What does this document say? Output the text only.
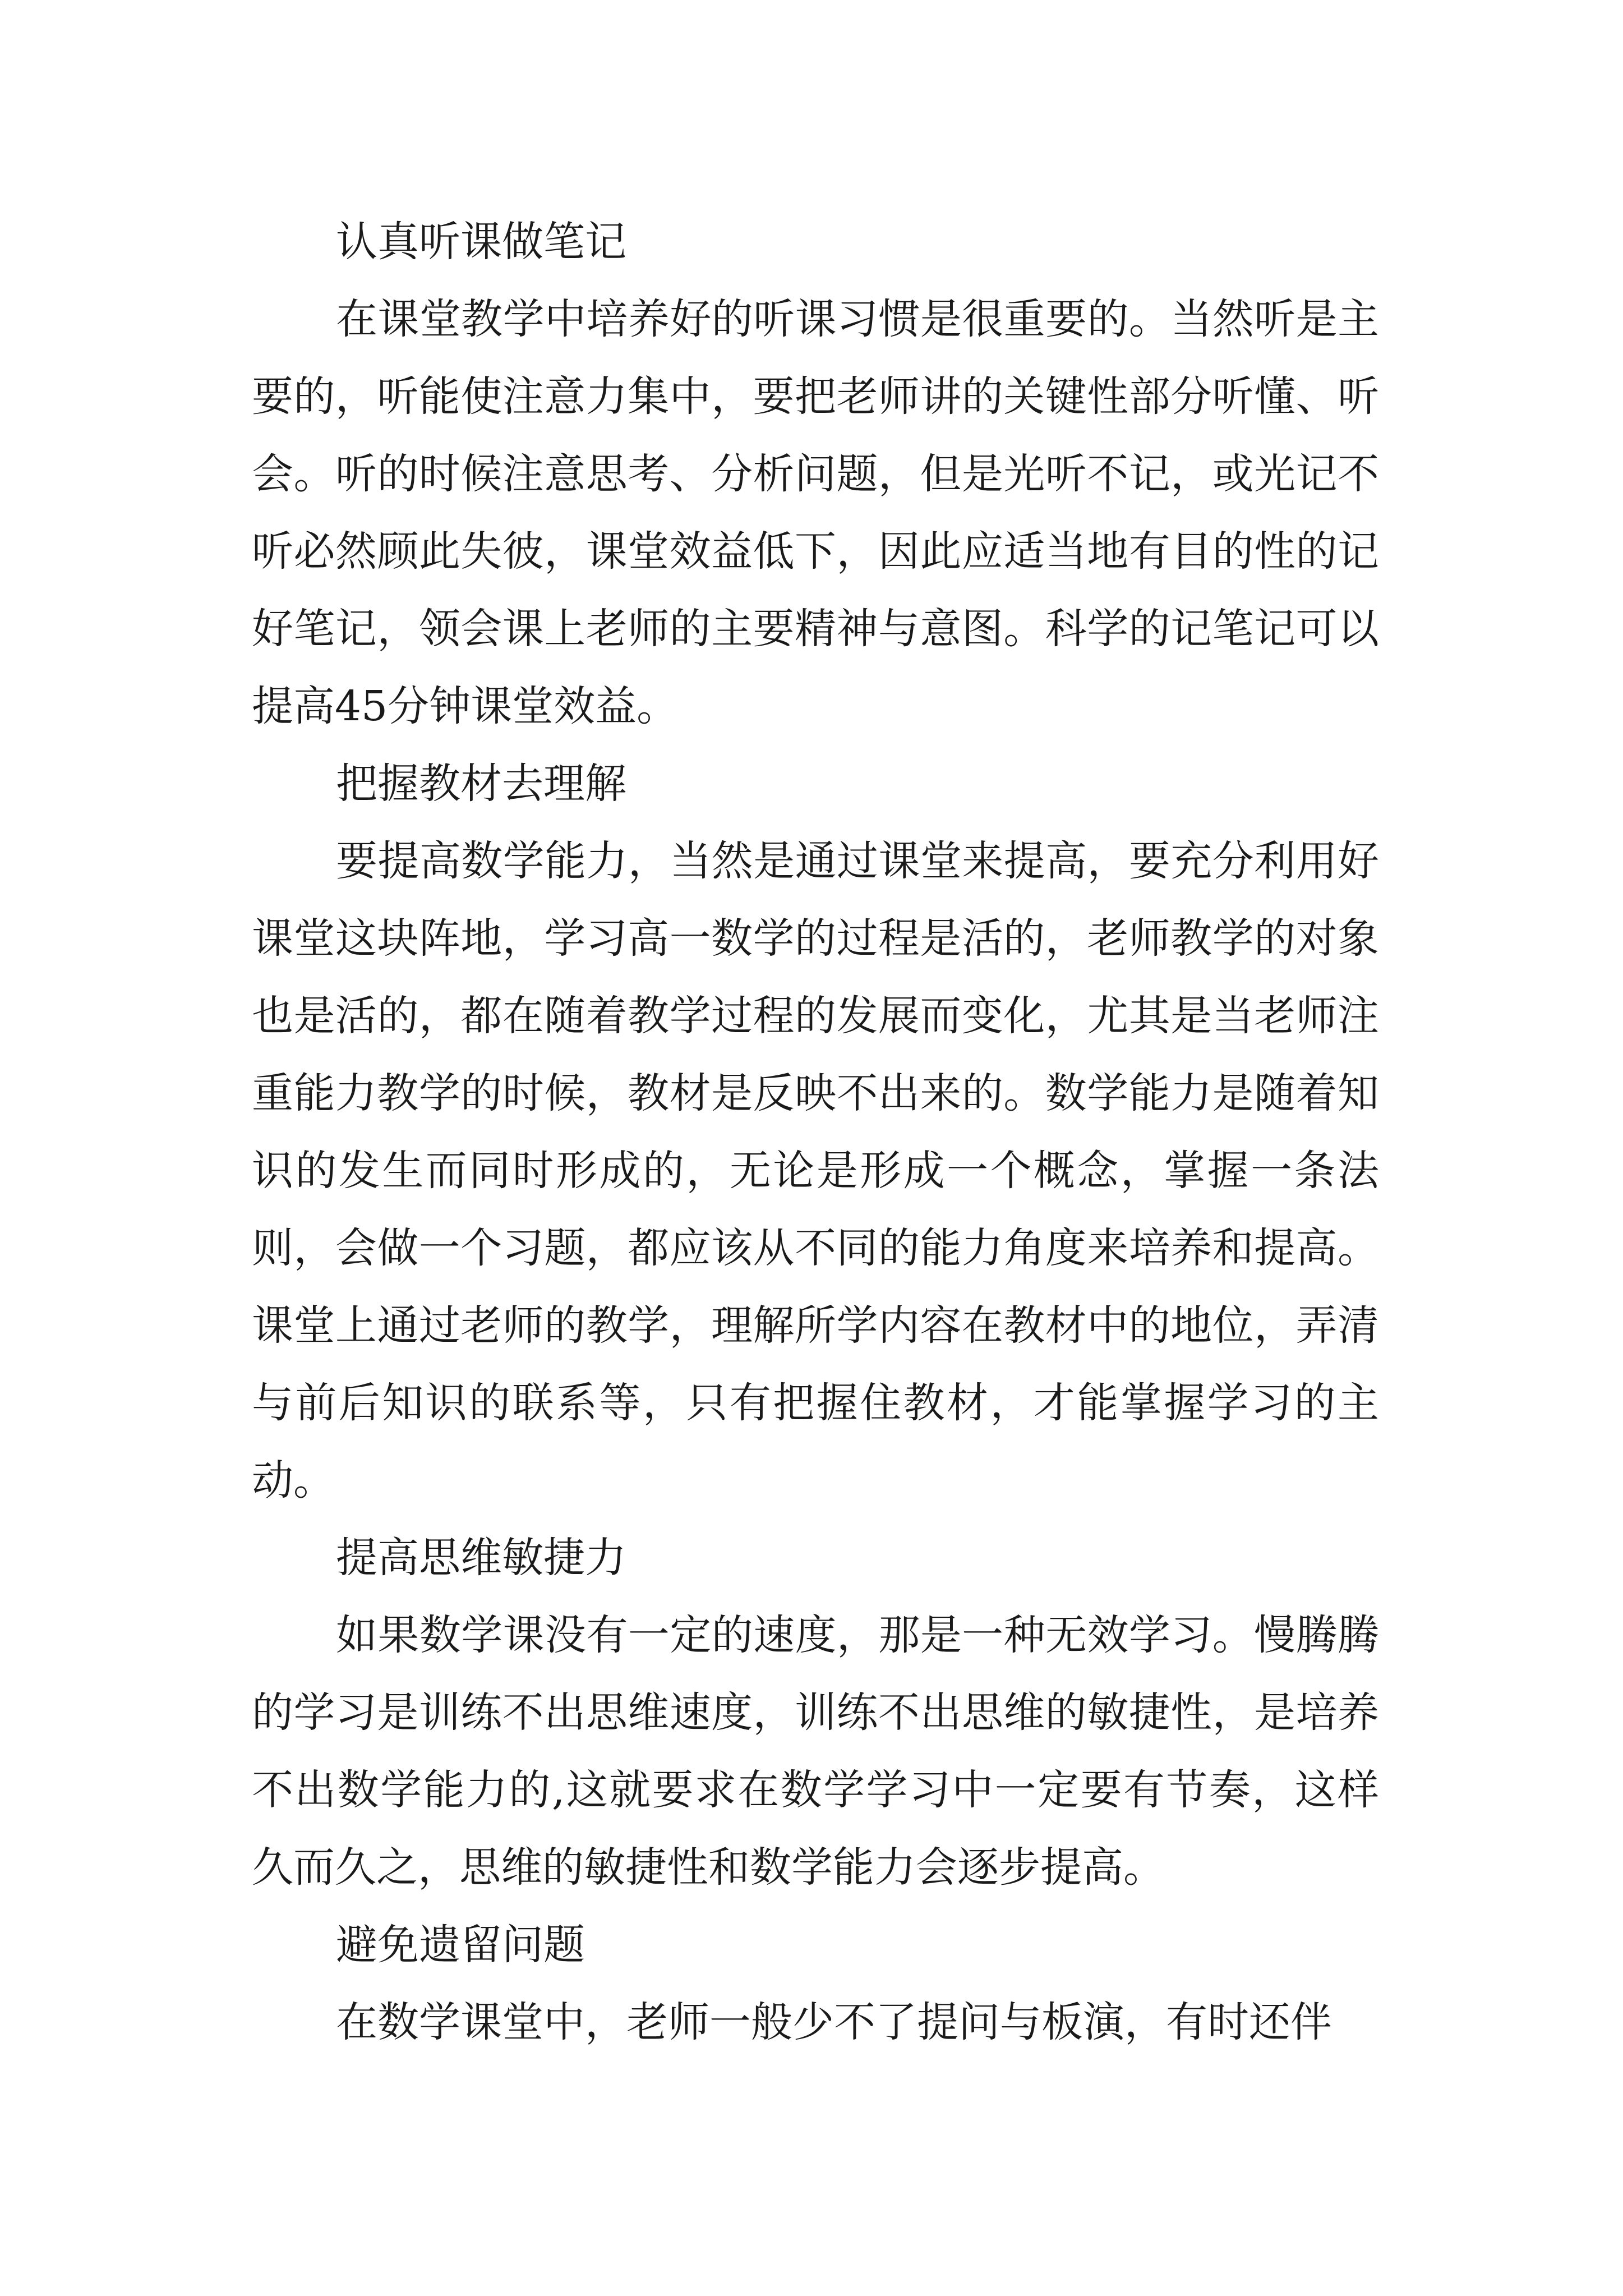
认真听课做笔记

在课堂教学中培养好的听课习惯是很重要的。当然听是主要的，听能使注意力集中，要把老师讲的关键性部分听懂、听会。听的时候注意思考、分析问题，但是光听不记，或光记不听必然顾此失彼，课堂效益低下，因此应适当地有目的性的记好笔记，领会课上老师的主要精神与意图。科学的记笔记可以提高45分钟课堂效益。

把握教材去理解

要提高数学能力，当然是通过课堂来提高，要充分利用好课堂这块阵地，学习高一数学的过程是活的，老师教学的对象也是活的，都在随着教学过程的发展而变化，尤其是当老师注重能力教学的时候，教材是反映不出来的。数学能力是随着知识的发生而同时形成的，无论是形成一个概念，掌握一条法则，会做一个习题，都应该从不同的能力角度来培养和提高。课堂上通过老师的教学，理解所学内容在教材中的地位，弄清与前后知识的联系等，只有把握住教材，才能掌握学习的主动。

提高思维敏捷力

如果数学课没有一定的速度，那是一种无效学习。慢腾腾的学习是训练不出思维速度，训练不出思维的敏捷性，是培养不出数学能力的,这就要求在数学学习中一定要有节奏，这样久而久之，思维的敏捷性和数学能力会逐步提高。

避免遗留问题

在数学课堂中，老师一般少不了提问与板演，有时还伴
